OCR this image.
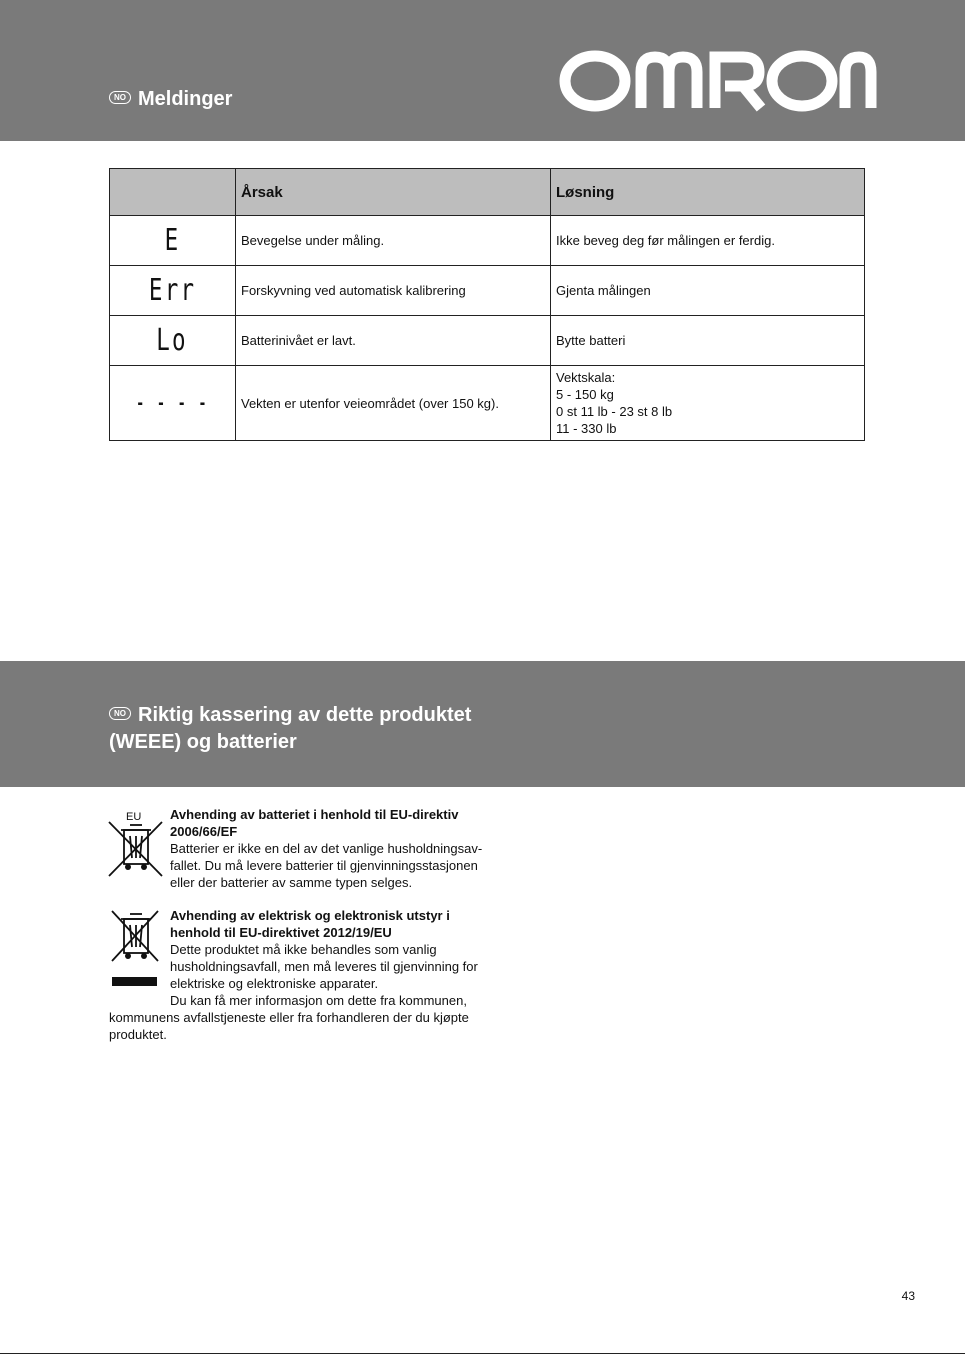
NO Meldinger
	Årsak	Løsning
E	Bevegelse under måling.	Ikke beveg deg før målingen er ferdig.
Err	Forskyvning ved automatisk kalibrering	Gjenta målingen
Lo	Batterinivået er lavt.	Bytte batteri
- - - -	Vekten er utenfor veieområdet (over 150 kg).	Vektskala:
5 - 150 kg
0 st 11 lb - 23 st 8 lb
11 - 330 lb
NO Riktig kassering av dette produktet
(WEEE) og batterier
EU Avhending av batteriet i henhold til EU-direktiv
2006/66/EF
Batterier er ikke en del av det vanlige husholdningsav-
fallet. Du må levere batterier til gjenvinningsstasjonen
eller der batterier av samme typen selges.
Avhending av elektrisk og elektronisk utstyr i
henhold til EU-direktivet 2012/19/EU
Dette produktet må ikke behandles som vanlig
husholdningsavfall, men må leveres til gjenvinning for
elektriske og elektroniske apparater.
Du kan få mer informasjon om dette fra kommunen,
kommunens avfallstjeneste eller fra forhandleren der du kjøpte
produktet.
43
